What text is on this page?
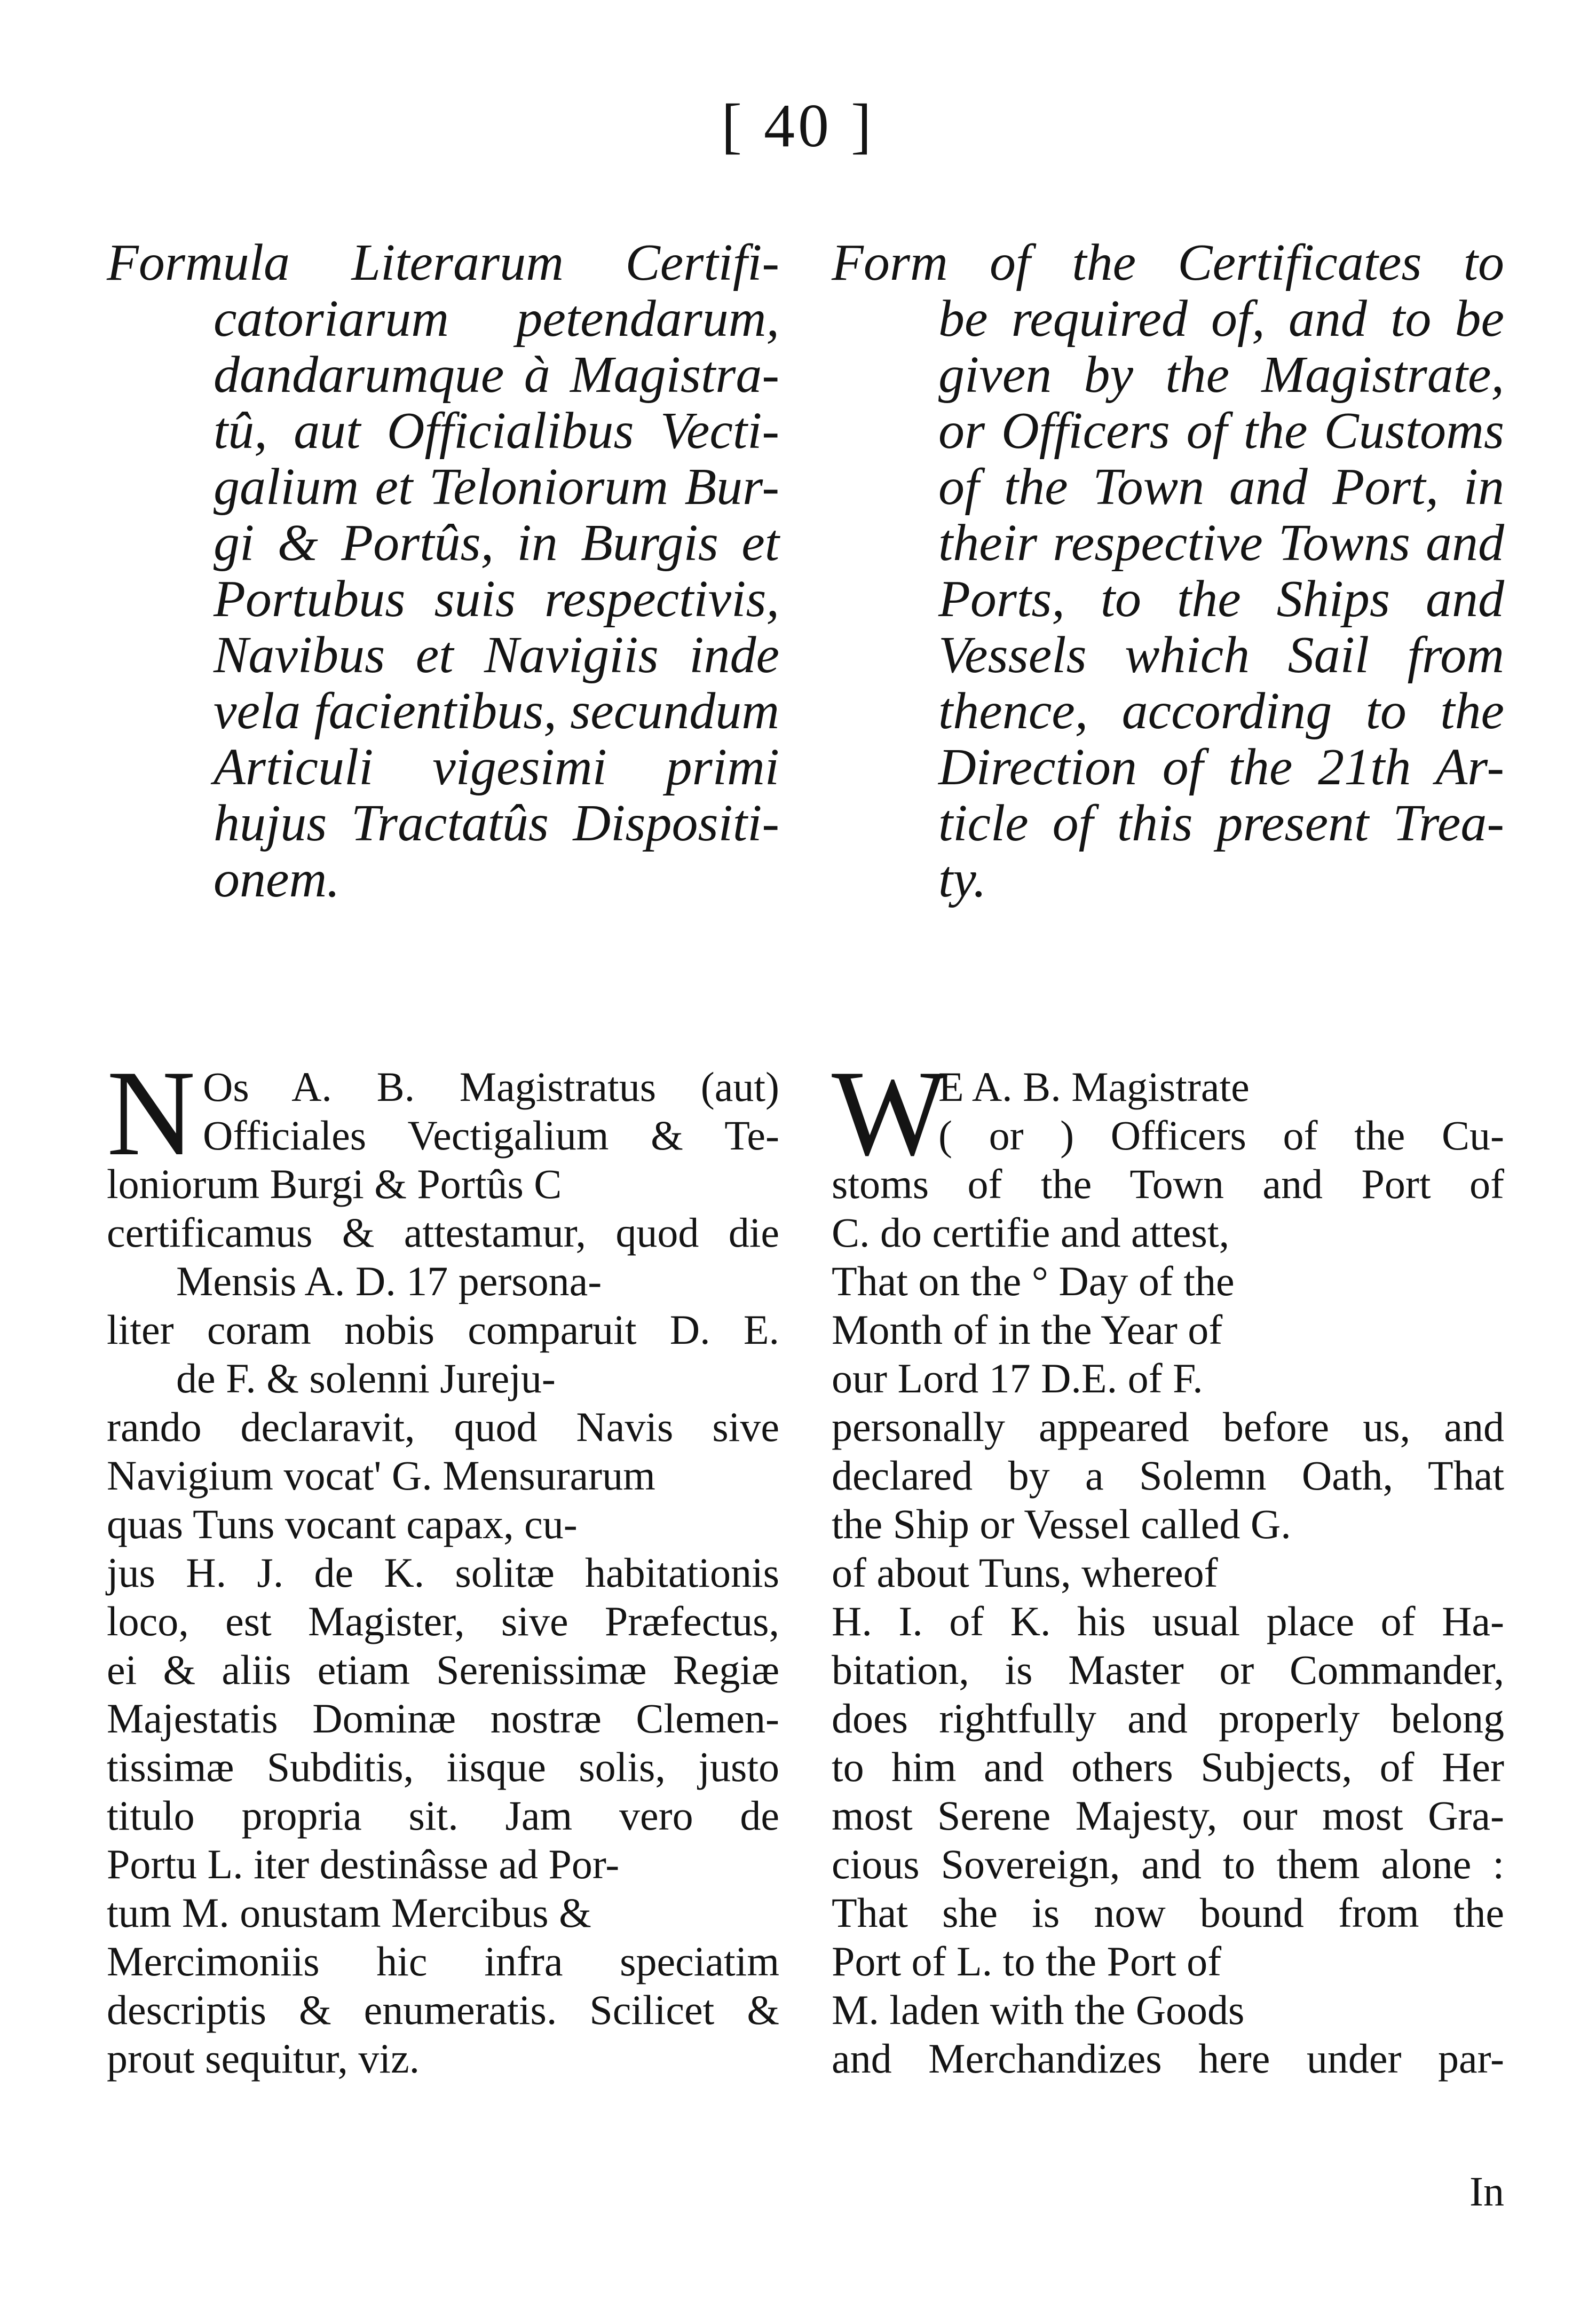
[ 40 ]
Formula Literarum Certifi-
catoriarum petendarum,
dandarumque à Magistra-
tû, aut Officialibus Vecti-
galium et Teloniorum Bur-
gi & Portûs, in Burgis et
Portubus suis respectivis,
Navibus et Navigiis inde
vela facientibus, secundum
Articuli vigesimi primi
hujus Tractatûs Dispositi-
onem.
N Os A. B. Magistratus (aut)
Officiales Vectigalium & Te-
loniorum Burgi & Portûs C
certificamus & attestamur, quod die
Mensis A. D. 17 persona-
liter coram nobis comparuit D. E.
de F. & solenni Jureju-
rando declaravit, quod Navis sive
Navigium vocat' G. Mensurarum
quas Tuns vocant capax, cu-
jus H. J. de K. solitæ habitationis
loco, est Magister, sive Præfectus,
ei & aliis etiam Serenissimæ Regiæ
Majestatis Dominæ nostræ Clemen-
tissimæ Subditis, iisque solis, justo
titulo propria sit. Jam vero de
Portu L. iter destinâsse ad Por-
tum M. onustam Mercibus &
Mercimoniis hic infra speciatim
descriptis & enumeratis. Scilicet &
prout sequitur, viz.
Form of the Certificates to
be required of, and to be
given by the Magistrate,
or Officers of the Customs
of the Town and Port, in
their respective Towns and
Ports, to the Ships and
Vessels which Sail from
thence, according to the
Direction of the 21th Ar-
ticle of this present Trea-
ty.
W
E A. B. Magistrate
( or ) Officers of the Cu-
stoms of the Town and Port of
C. do certifie and attest,
That on the ° Day of the
Month of in the Year of
our Lord 17 D.E. of F.
personally appeared before us, and
declared by a Solemn Oath, That
the Ship or Vessel called G.
of about Tuns, whereof
H. I. of K. his usual place of Ha-
bitation, is Master or Commander,
does rightfully and properly belong
to him and others Subjects, of Her
most Serene Majesty, our most Gra-
cious Sovereign, and to them alone :
That she is now bound from the
Port of L. to the Port of
M. laden with the Goods
and Merchandizes here under par-
In
